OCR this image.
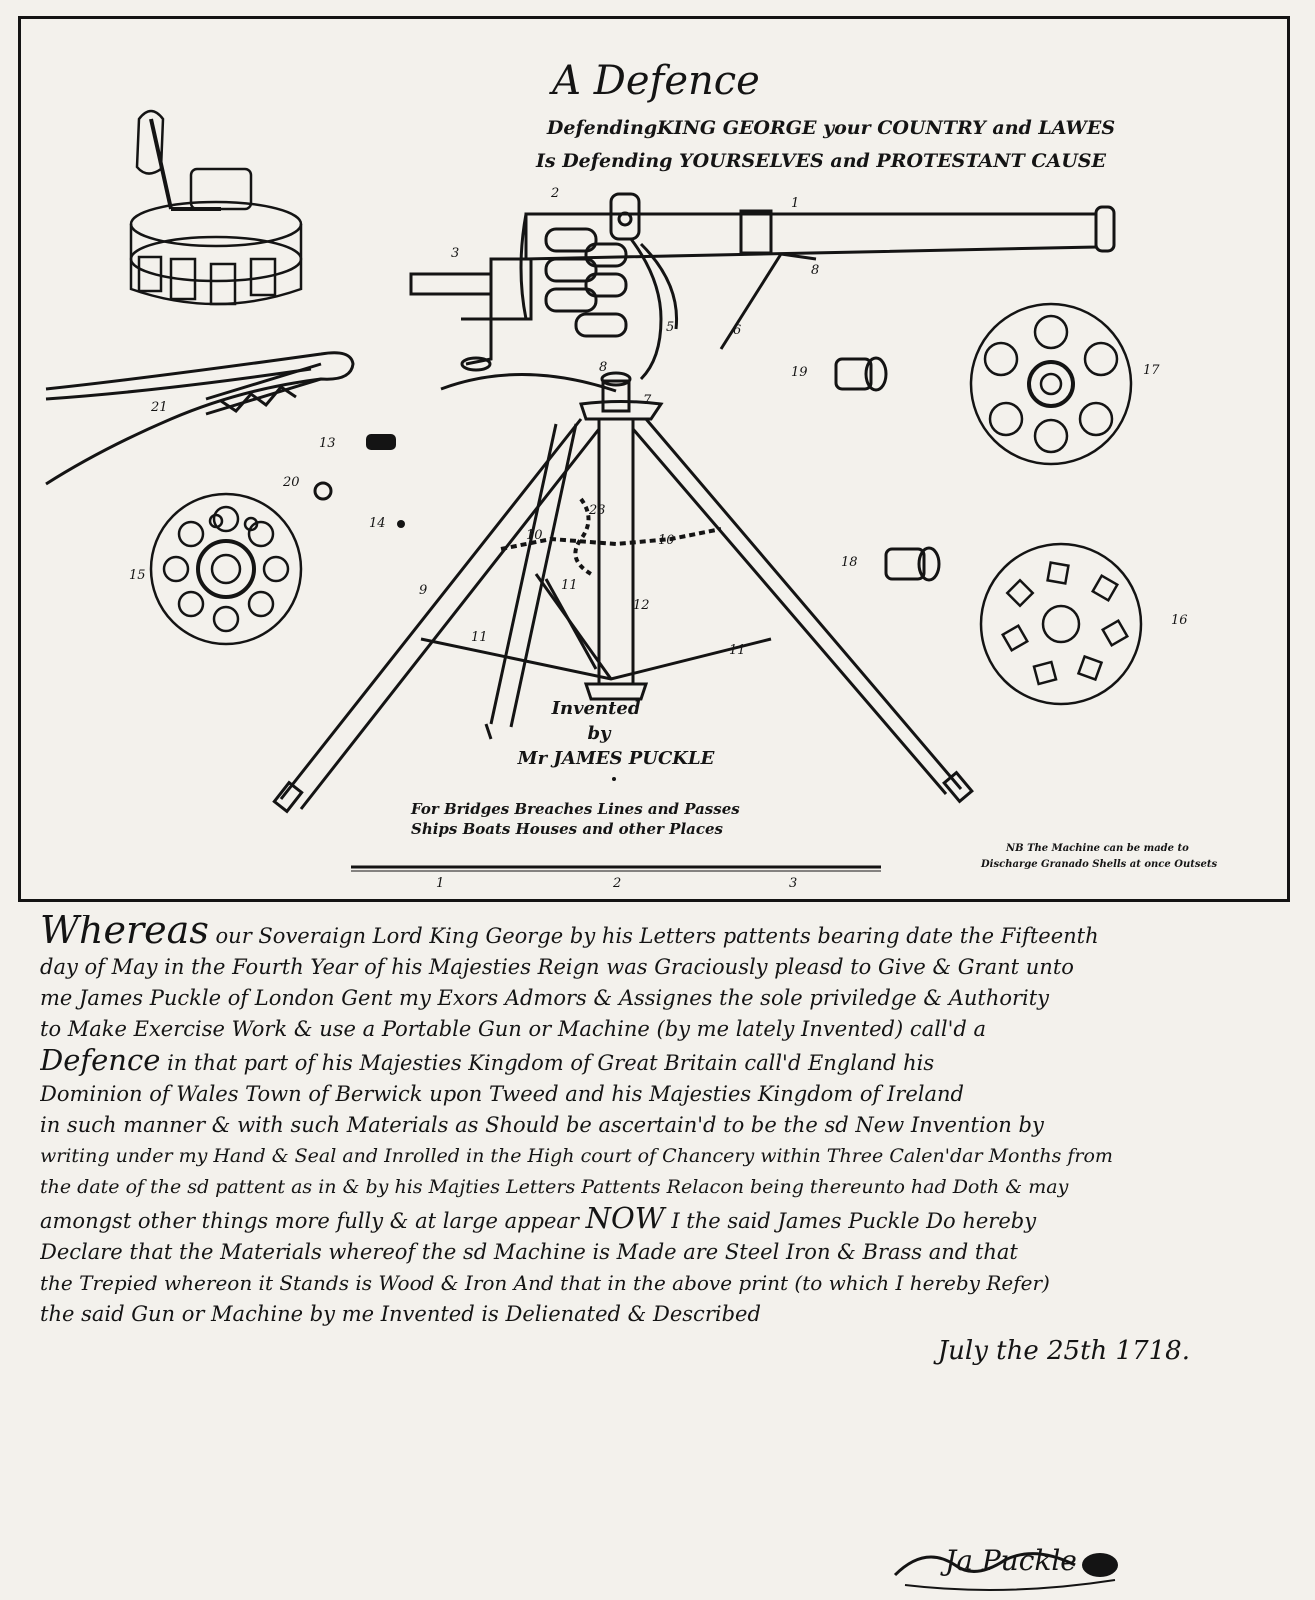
A Defence
DefendingKING GEORGE your COUNTRY and LAWES
Is Defending YOURSELVES and PROTESTANT CAUSE
1
2
3
5	6
7
8
8
9
10	10
11
11
11
12
13
14
15
16
17
18
19
20
21
23
Invented
by
Mr JAMES PUCKLE
For Bridges Breaches Lines and Passes
Ships Boats Houses and other Places
NB The Machine can be made to
Discharge Granado Shells at once Outsets
1	2	3
Whereas our Soveraign Lord King George by his Letters pattents bearing date the Fifteenth
day of May in the Fourth Year of his Majesties Reign was Graciously pleasd to Give & Grant unto
me James Puckle of London Gent my Exors Admors & Assignes the sole priviledge & Authority
to Make Exercise Work & use a Portable Gun or Machine (by me lately Invented) call'd a
Defence in that part of his Majesties Kingdom of Great Britain call'd England his
Dominion of Wales Town of Berwick upon Tweed and his Majesties Kingdom of Ireland
in such manner & with such Materials as Should be ascertain'd to be the sd New Invention by
writing under my Hand & Seal and Inrolled in the High court of Chancery within Three Calen'dar Months from
the date of the sd pattent as in & by his Majties Letters Pattents Relacon being thereunto had Doth & may
amongst other things more fully & at large appear NOW I the said James Puckle Do hereby
Declare that the Materials whereof the sd Machine is Made are Steel Iron & Brass and that
the Trepied whereon it Stands is Wood & Iron And that in the above print (to which I hereby Refer)
the said Gun or Machine by me Invented is Delienated & Described
July the 25th 1718.
Ja Puckle
